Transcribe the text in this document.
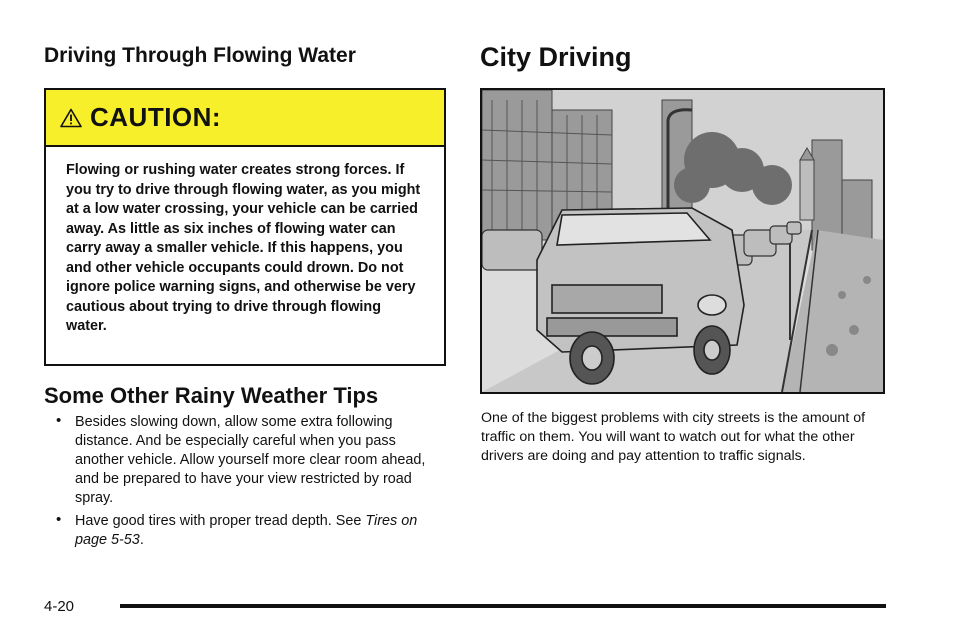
Driving Through Flowing Water
CAUTION:

Flowing or rushing water creates strong forces. If you try to drive through flowing water, as you might at a low water crossing, your vehicle can be carried away. As little as six inches of flowing water can carry away a smaller vehicle. If this happens, you and other vehicle occupants could drown. Do not ignore police warning signs, and otherwise be very cautious about trying to drive through flowing water.

Some Other Rainy Weather Tips
• Besides slowing down, allow some extra following distance. And be especially careful when you pass another vehicle. Allow yourself more clear room ahead, and be prepared to have your view restricted by road spray.
• Have good tires with proper tread depth. See Tires on page 5-53.
City Driving

One of the biggest problems with city streets is the amount of traffic on them. You will want to watch out for what the other drivers are doing and pay attention to traffic signals.

4-20
